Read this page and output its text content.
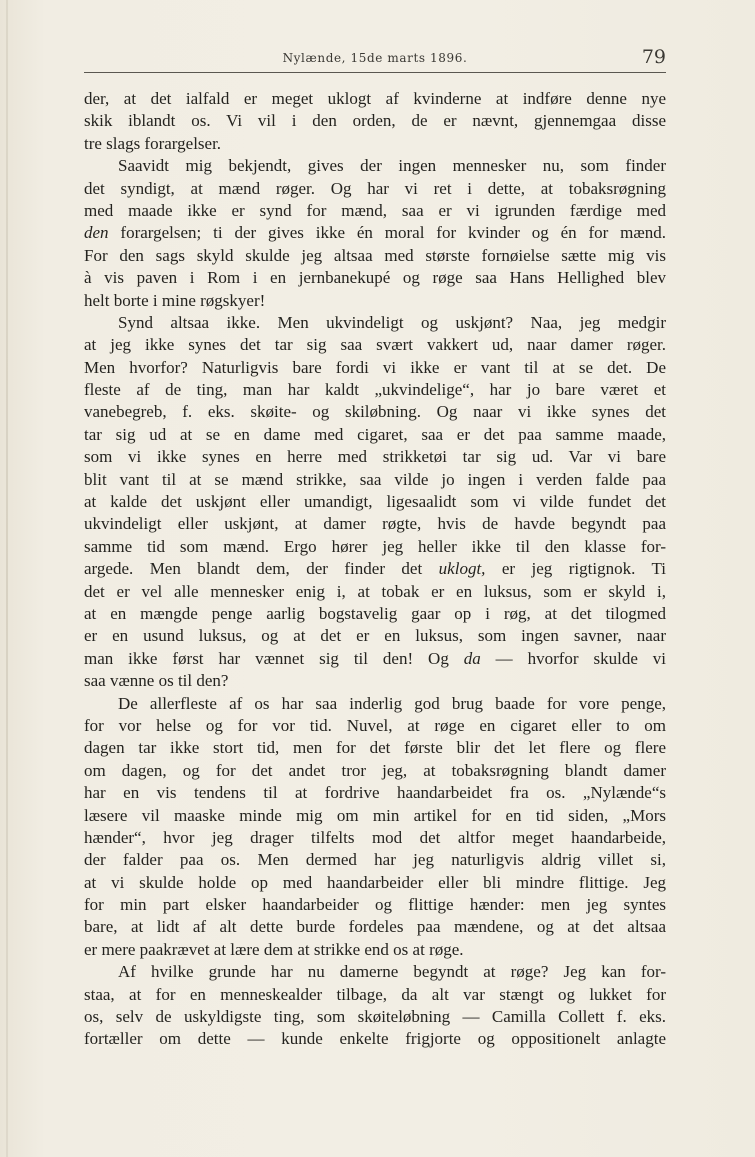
Nylænde, 15de marts 1896.	79
der, at det ialfald er meget uklogt af kvinderne at indføre denne nye
skik iblandt os. Vi vil i den orden, de er nævnt, gjennemgaa disse
tre slags forargelser.
Saavidt mig bekjendt, gives der ingen mennesker nu, som finder
det syndigt, at mænd røger. Og har vi ret i dette, at tobaksrøgning
med maade ikke er synd for mænd, saa er vi igrunden færdige med
den forargelsen; ti der gives ikke én moral for kvinder og én for mænd.
For den sags skyld skulde jeg altsaa med største fornøielse sætte mig vis
à vis paven i Rom i en jernbanekupé og røge saa Hans Hellighed blev
helt borte i mine røgskyer!
Synd altsaa ikke. Men ukvindeligt og uskjønt? Naa, jeg medgir
at jeg ikke synes det tar sig saa svært vakkert ud, naar damer røger.
Men hvorfor? Naturligvis bare fordi vi ikke er vant til at se det. De
fleste af de ting, man har kaldt „ukvindelige“, har jo bare været et
vanebegreb, f. eks. skøite- og skiløbning. Og naar vi ikke synes det
tar sig ud at se en dame med cigaret, saa er det paa samme maade,
som vi ikke synes en herre med strikketøi tar sig ud. Var vi bare
blit vant til at se mænd strikke, saa vilde jo ingen i verden falde paa
at kalde det uskjønt eller umandigt, ligesaalidt som vi vilde fundet det
ukvindeligt eller uskjønt, at damer røgte, hvis de havde begyndt paa
samme tid som mænd. Ergo hører jeg heller ikke til den klasse for-
argede. Men blandt dem, der finder det uklogt, er jeg rigtignok. Ti
det er vel alle mennesker enig i, at tobak er en luksus, som er skyld i,
at en mængde penge aarlig bogstavelig gaar op i røg, at det tilogmed
er en usund luksus, og at det er en luksus, som ingen savner, naar
man ikke først har vænnet sig til den! Og da — hvorfor skulde vi
saa vænne os til den?
De allerfleste af os har saa inderlig god brug baade for vore penge,
for vor helse og for vor tid. Nuvel, at røge en cigaret eller to om
dagen tar ikke stort tid, men for det første blir det let flere og flere
om dagen, og for det andet tror jeg, at tobaksrøgning blandt damer
har en vis tendens til at fordrive haandarbeidet fra os. „Nylænde“s
læsere vil maaske minde mig om min artikel for en tid siden, „Mors
hænder“, hvor jeg drager tilfelts mod det altfor meget haandarbeide,
der falder paa os. Men dermed har jeg naturligvis aldrig villet si,
at vi skulde holde op med haandarbeider eller bli mindre flittige. Jeg
for min part elsker haandarbeider og flittige hænder: men jeg syntes
bare, at lidt af alt dette burde fordeles paa mændene, og at det altsaa
er mere paakrævet at lære dem at strikke end os at røge.
Af hvilke grunde har nu damerne begyndt at røge? Jeg kan for-
staa, at for en menneskealder tilbage, da alt var stængt og lukket for
os, selv de uskyldigste ting, som skøiteløbning — Camilla Collett f. eks.
fortæller om dette — kunde enkelte frigjorte og oppositionelt anlagte
